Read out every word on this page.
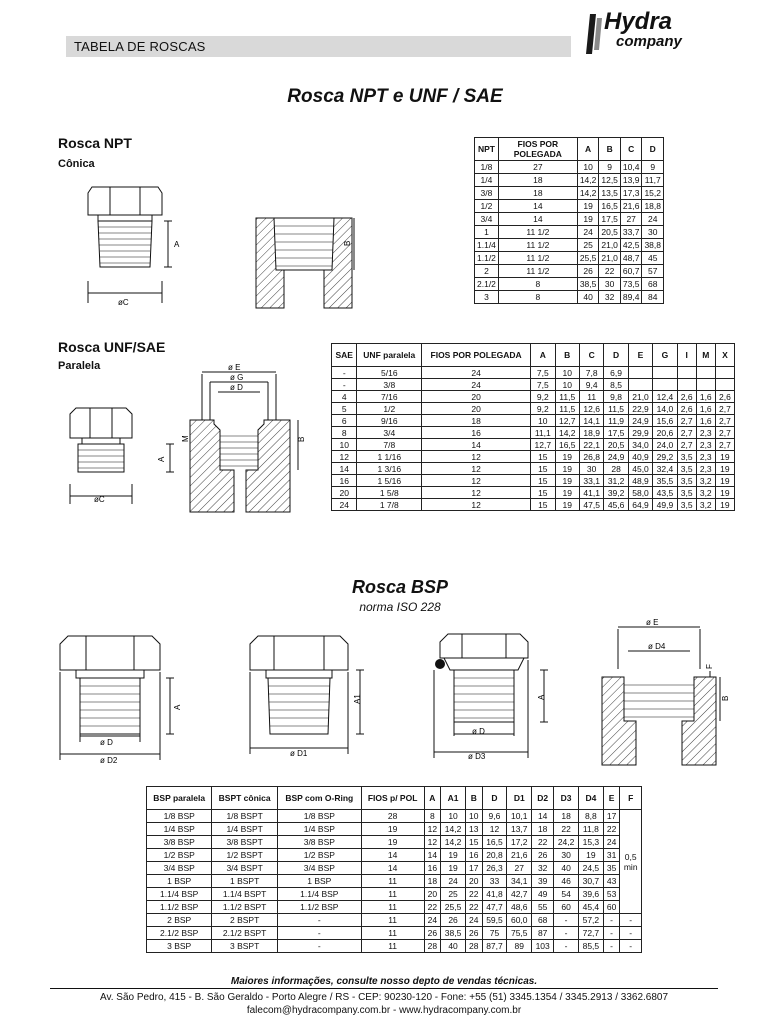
TABELA DE ROSCAS
Hydra
company
Rosca NPT e UNF / SAE
Rosca NPT
Cônica
A
øC
B
NPT	FIOS POR POLEGADA	A	B	C	D
1/8	27	10	9	10,4	9
1/4	18	14,2	12,5	13,9	11,7
3/8	18	14,2	13,5	17,3	15,2
1/2	14	19	16,5	21,6	18,8
3/4	14	19	17,5	27	24
1	11 1/2	24	20,5	33,7	30
1.1/4	11 1/2	25	21,0	42,5	38,8
1.1/2	11 1/2	25,5	21,0	48,7	45
2	11 1/2	26	22	60,7	57
2.1/2	8	38,5	30	73,5	68
3	8	40	32	89,4	84
Rosca UNF/SAE
Paralela
A
øC
ø E
ø G
ø D
M	B
SAE	UNF paralela	FIOS POR POLEGADA	A	B	C	D	E	G	I	M	X
-	5/16	24	7,5	10	7,8	6,9					
-	3/8	24	7,5	10	9,4	8,5					
4	7/16	20	9,2	11,5	11	9,8	21,0	12,4	2,6	1,6	2,6
5	1/2	20	9,2	11,5	12,6	11,5	22,9	14,0	2,6	1,6	2,7
6	9/16	18	10	12,7	14,1	11,9	24,9	15,6	2,7	1,6	2,7
8	3/4	16	11,1	14,2	18,9	17,5	29,9	20,6	2,7	2,3	2,7
10	7/8	14	12,7	16,5	22,1	20,5	34,0	24,0	2,7	2,3	2,7
12	1 1/16	12	15	19	26,8	24,9	40,9	29,2	3,5	2,3	19
14	1 3/16	12	15	19	30	28	45,0	32,4	3,5	2,3	19
16	1 5/16	12	15	19	33,1	31,2	48,9	35,5	3,5	3,2	19
20	1 5/8	12	15	19	41,1	39,2	58,0	43,5	3,5	3,2	19
24	1 7/8	12	15	19	47,5	45,6	64,9	49,9	3,5	3,2	19
Rosca BSP
norma ISO 228
A
ø D
ø D2
A1
ø D1
A
ø D
ø D3
ø E
ø D4
F
B
BSP paralela	BSPT cônica	BSP com O-Ring	FIOS p/ POL	A	A1	B	D	D1	D2	D3	D4	E	F
1/8 BSP	1/8 BSPT	1/8 BSP	28	8	10	10	9,6	10,1	14	18	8,8	17	0,5
min

1/4 BSP	1/4 BSPT	1/4 BSP	19	12	14,2	13	12	13,7	18	22	11,8	22	
3/8 BSP	3/8 BSPT	3/8 BSP	19	12	14,2	15	16,5	17,2	22	24,2	15,3	24	
1/2 BSP	1/2 BSPT	1/2 BSP	14	14	19	16	20,8	21,6	26	30	19	31	
3/4 BSP	3/4 BSPT	3/4 BSP	14	16	19	17	26,3	27	32	40	24,5	35	
1 BSP	1 BSPT	1 BSP	11	18	24	20	33	34,1	39	46	30,7	43	
1.1/4 BSP	1.1/4 BSPT	1.1/4 BSP	11	20	25	22	41,8	42,7	49	54	39,6	53	
1.1/2 BSP	1.1/2 BSPT	1.1/2 BSP	11	22	25,5	22	47,7	48,6	55	60	45,4	60	
2 BSP	2 BSPT	-	11	24	26	24	59,5	60,0	68	-	57,2	-	-
2.1/2 BSP	2.1/2 BSPT	-	11	26	38,5	26	75	75,5	87	-	72,7	-	-
3 BSP	3 BSPT	-	11	28	40	28	87,7	89	103	-	85,5	-	-
Maiores informações, consulte nosso depto de vendas técnicas.
Av. São Pedro, 415 - B. São Geraldo - Porto Alegre / RS - CEP: 90230-120 - Fone: +55 (51) 3345.1354 / 3345.2913 / 3362.6807
falecom@hydracompany.com.br - www.hydracompany.com.br
